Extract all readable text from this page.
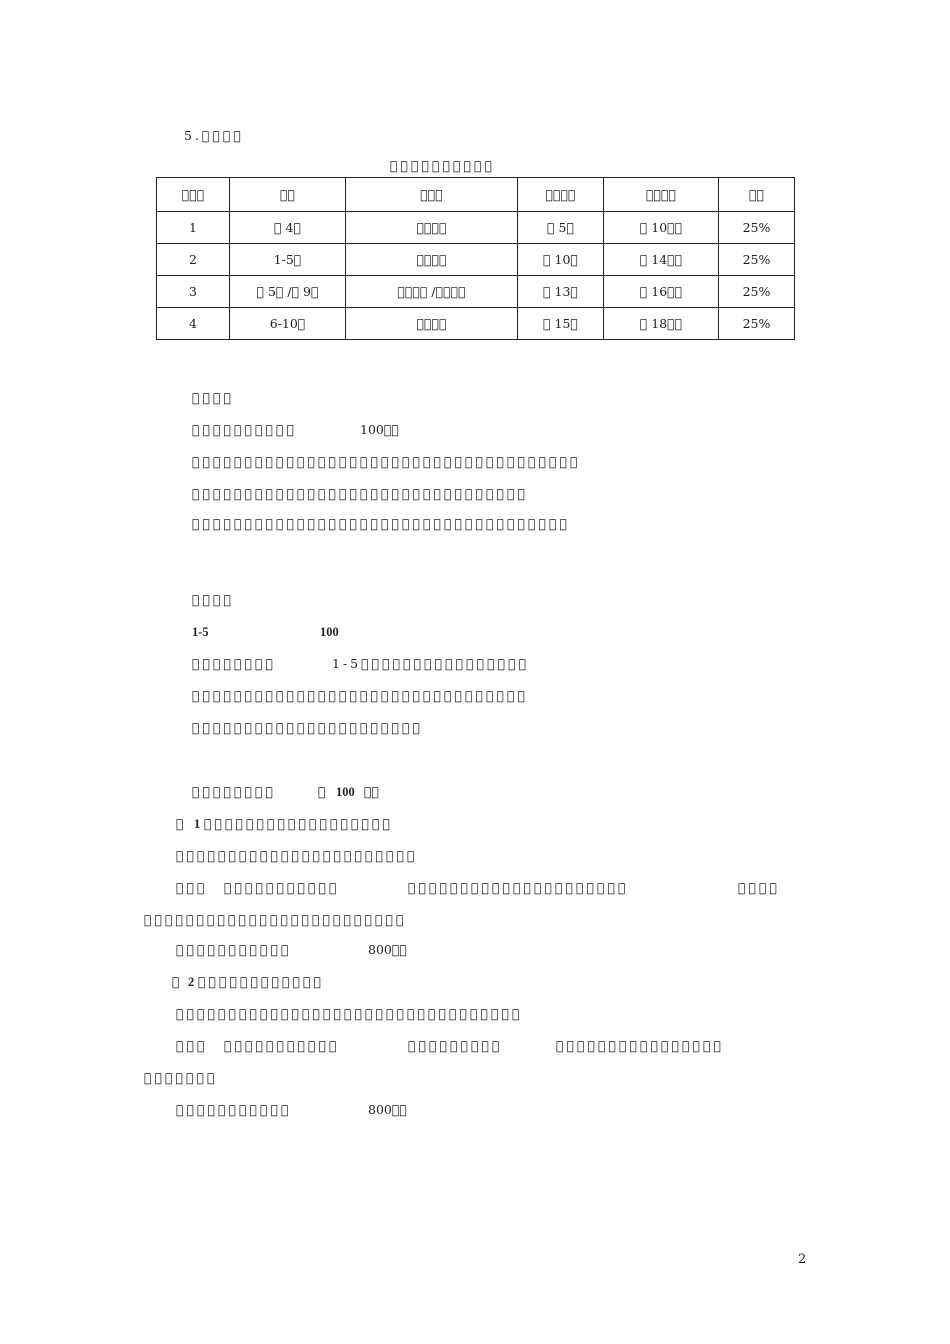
5.    
          
   	  	   	    	    	  
1	  4 	    	  5 	  10  	25%
2	1-5 	    	  10 	  14  	25%
3	  5  /  9 	     /    	  13 	  16  	25%
4	6-10 	    	  15 	  18  	25%
    
          	100  
                                     
                                
                                    
    
1-5     	100  
        	1-5                
                                
                      
        	  100   
  1                   
                       
               	                     	    
                         
           	800  
  2             
                                 
               	         	                
       
           	800  
2
